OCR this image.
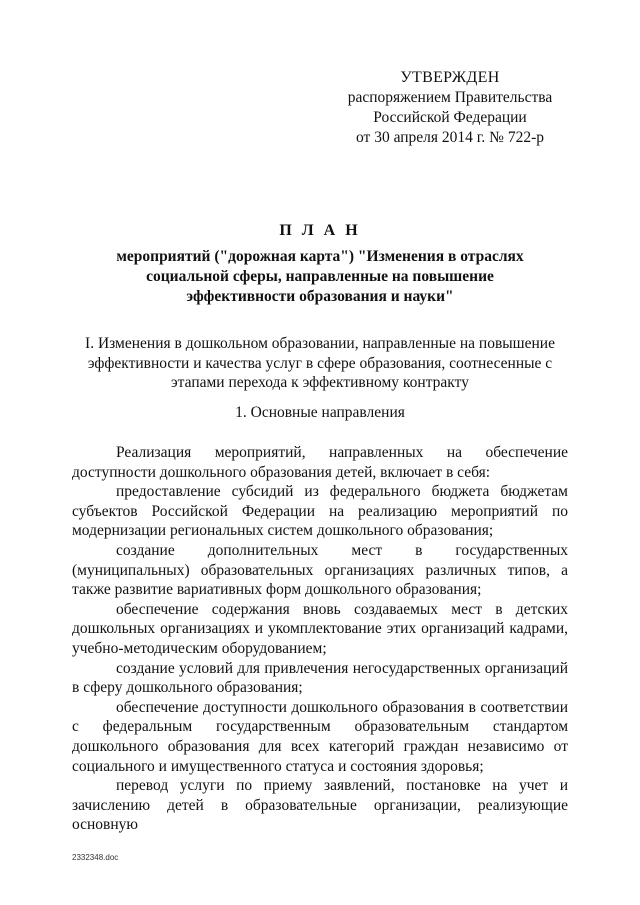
УТВЕРЖДЕН
распоряжением Правительства
Российской Федерации
от 30 апреля 2014 г. № 722-р
П Л А Н
мероприятий ("дорожная карта") "Изменения в отраслях
социальной сферы, направленные на повышение
эффективности образования и науки"
I. Изменения в дошкольном образовании, направленные на повышение
эффективности и качества услуг в сфере образования, соотнесенные с
этапами перехода к эффективному контракту
1. Основные направления

Реализация мероприятий, направленных на обеспечение доступности дошкольного образования детей, включает в себя:

предоставление субсидий из федерального бюджета бюджетам субъектов Российской Федерации на реализацию мероприятий по модернизации региональных систем дошкольного образования;

создание дополнительных мест в государственных (муниципальных) образовательных организациях различных типов, а также развитие вариативных форм дошкольного образования;

обеспечение содержания вновь создаваемых мест в детских дошкольных организациях и укомплектование этих организаций кадрами, учебно-методическим оборудованием;

создание условий для привлечения негосударственных организаций в сферу дошкольного образования;

обеспечение доступности дошкольного образования в соответствии с федеральным государственным образовательным стандартом дошкольного образования для всех категорий граждан независимо от социального и имущественного статуса и состояния здоровья;

перевод услуги по приему заявлений, постановке на учет и зачислению детей в образовательные организации, реализующие основную

2332348.doc
